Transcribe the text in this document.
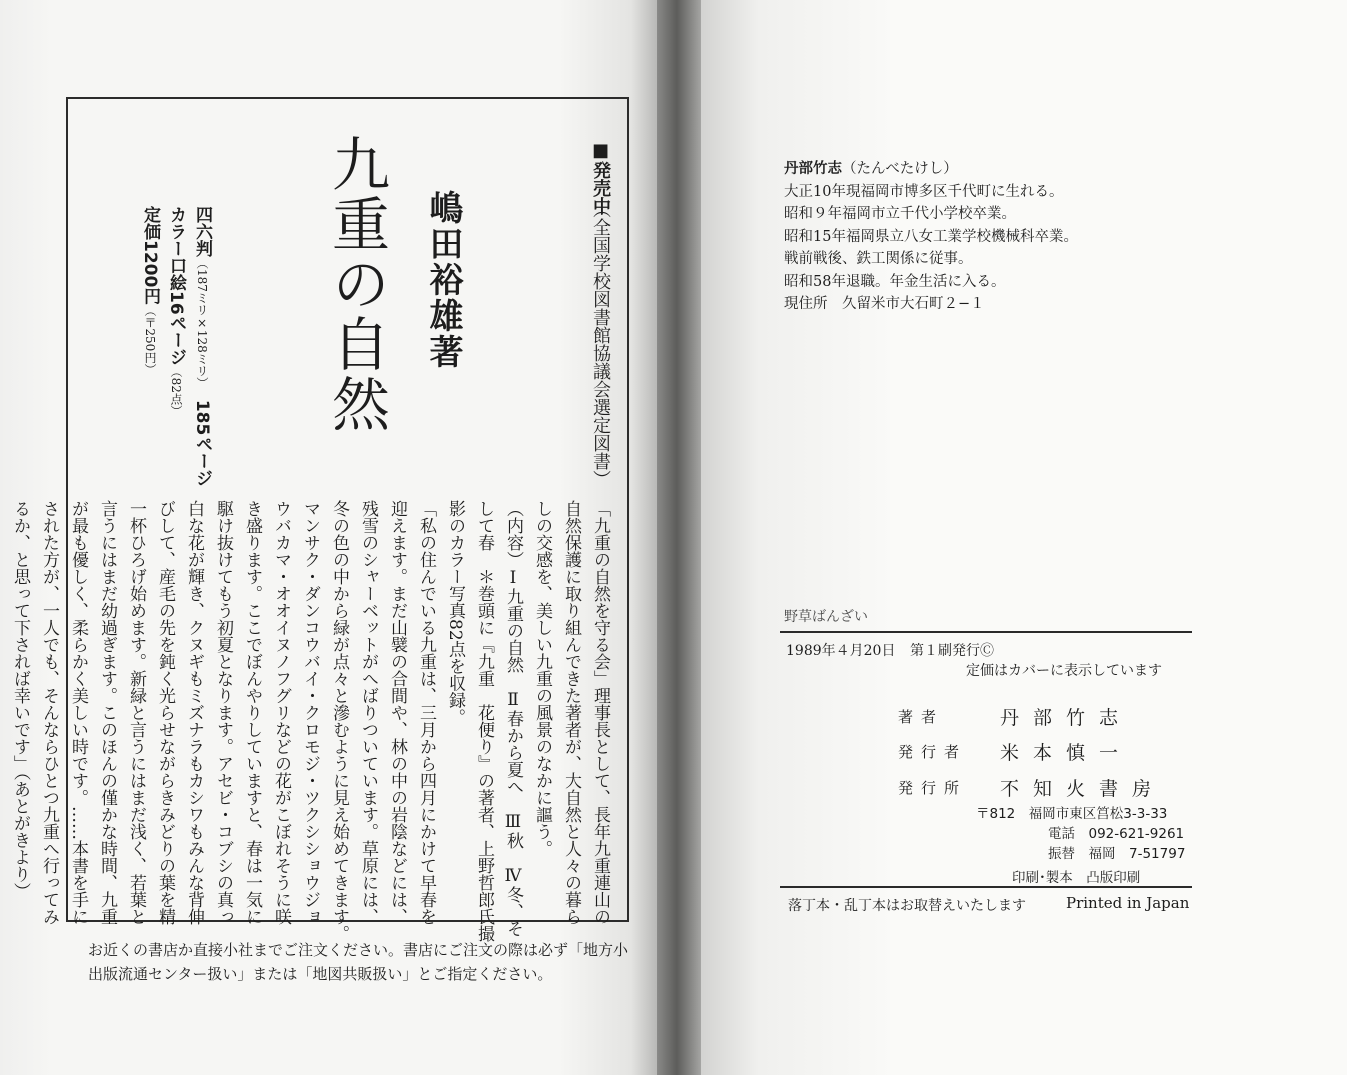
■発売中
（全国学校図書館協議会選定図書）
九重の自然 嶋田裕雄著
四六判（187ミリ×128ミリ）　185ページ
カラー口絵16ページ（82点）
定価1200円（〒250円）
「九重の自然を守る会」理事長として、長年九重連山の
自然保護に取り組んできた著者が、大自然と人々の暮ら
しの交感を、美しい九重の風景のなかに謳う。
（内容）Ⅰ九重の自然　Ⅱ春から夏へ　Ⅲ秋　Ⅳ冬、そ
して春　＊巻頭に『九重　花便り』の著者、上野哲郎氏撮
影のカラー写真82点を収録。
「私の住んでいる九重は、三月から四月にかけて早春を
迎えます。まだ山襞の合間や、林の中の岩陰などには、
残雪のシャーベットがへばりついています。草原には、
冬の色の中から緑が点々と滲むように見え始めてきます。
マンサク・ダンコウバイ・クロモジ・ツクシショウジョ
ウバカマ・オオイヌノフグリなどの花がこぼれそうに咲
き盛ります。ここでぼんやりしていますと、春は一気に
駆け抜けてもう初夏となります。アセビ・コブシの真っ
白な花が輝き、クヌギもミズナラもカシワもみんな背伸
びして、産毛の先を鈍く光らせながらきみどりの葉を精
一杯ひろげ始めます。新緑と言うにはまだ浅く、若葉と
言うにはまだ幼過ぎます。このほんの僅かな時間、九重
が最も優しく、柔らかく美しい時です。……本書を手に
された方が、一人でも、そんならひとつ九重へ行ってみ
るか、と思って下されば幸いです」（あとがきより）
お近くの書店か直接小社までご注文ください。書店にご注文の際は必ず「地方小
出版流通センター扱い」または「地図共販扱い」とご指定ください。
丹部竹志（たんべたけし）
大正10年現福岡市博多区千代町に生れる。
昭和９年福岡市立千代小学校卒業。
昭和15年福岡県立八女工業学校機械科卒業。
戦前戦後、鉄工関係に従事。
昭和58年退職。年金生活に入る。
現住所　久留米市大石町２−１
野草ばんざい
1989年４月20日 第１刷発行Ⓒ
定価はカバーに表示しています
著者	丹部竹志
発行者 米本慎一
発行所 不知火書房
〒812　福岡市東区筥松3-3-33
電話　092-621-9261
振替　福岡　7-51797
印刷･製本　凸版印刷
落丁本・乱丁本はお取替えいたします	Printed in Japan
